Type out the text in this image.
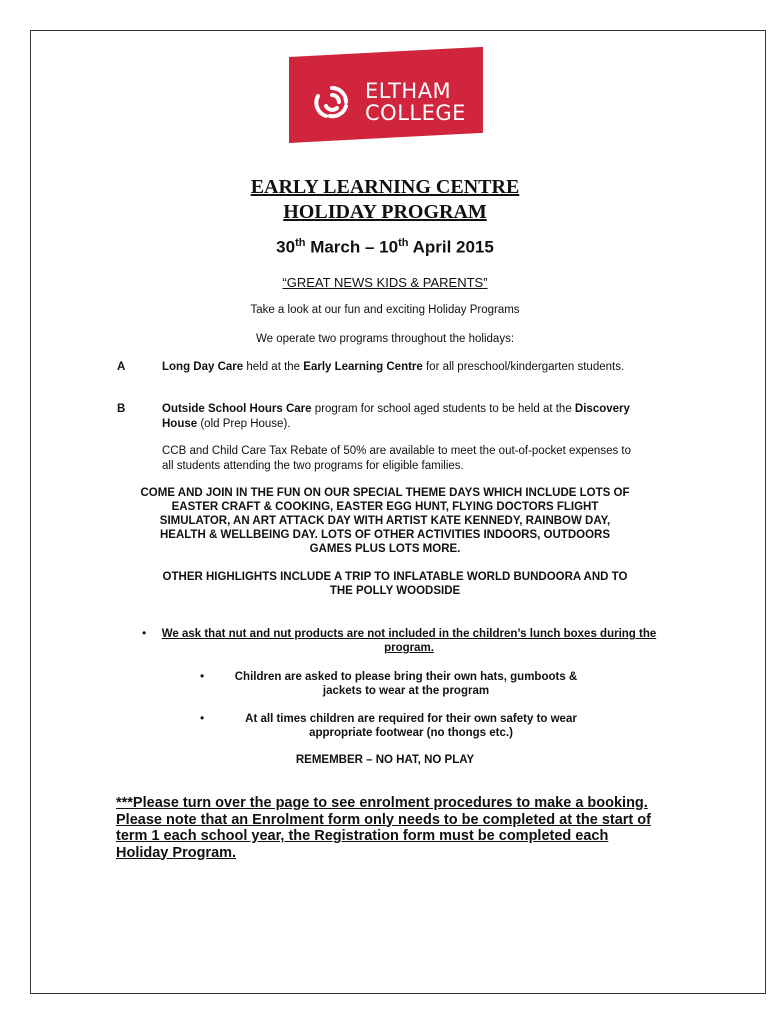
ELTHAM
COLLEGE
EARLY LEARNING CENTRE
HOLIDAY PROGRAM
30th March – 10th April 2015
“GREAT NEWS KIDS & PARENTS”
Take a look at our fun and exciting Holiday Programs
We operate two programs throughout the holidays:
A	Long Day Care held at the Early Learning Centre for all preschool/kindergarten students.
B	Outside School Hours Care program for school aged students to be held at the Discovery House (old Prep House).
CCB and Child Care Tax Rebate of 50% are available to meet the out-of-pocket expenses to all students attending the two programs for eligible families.
COME AND JOIN IN THE FUN ON OUR SPECIAL THEME DAYS WHICH INCLUDE LOTS OF EASTER CRAFT & COOKING, EASTER EGG HUNT, FLYING DOCTORS FLIGHT SIMULATOR, AN ART ATTACK DAY WITH ARTIST KATE KENNEDY, RAINBOW DAY, HEALTH & WELLBEING DAY. LOTS OF OTHER ACTIVITIES INDOORS, OUTDOORS GAMES PLUS LOTS MORE.
OTHER HIGHLIGHTS INCLUDE A TRIP TO INFLATABLE WORLD BUNDOORA AND TO THE POLLY WOODSIDE
• We ask that nut and nut products are not included in the children’s lunch boxes during the program.
•	Children are asked to please bring their own hats, gumboots & jackets to wear at the program
•	At all times children are required for their own safety to wear appropriate footwear (no thongs etc.)
REMEMBER – NO HAT, NO PLAY
***Please turn over the page to see enrolment procedures to make a booking. Please note that an Enrolment form only needs to be completed at the start of term 1 each school year, the Registration form must be completed each Holiday Program.
